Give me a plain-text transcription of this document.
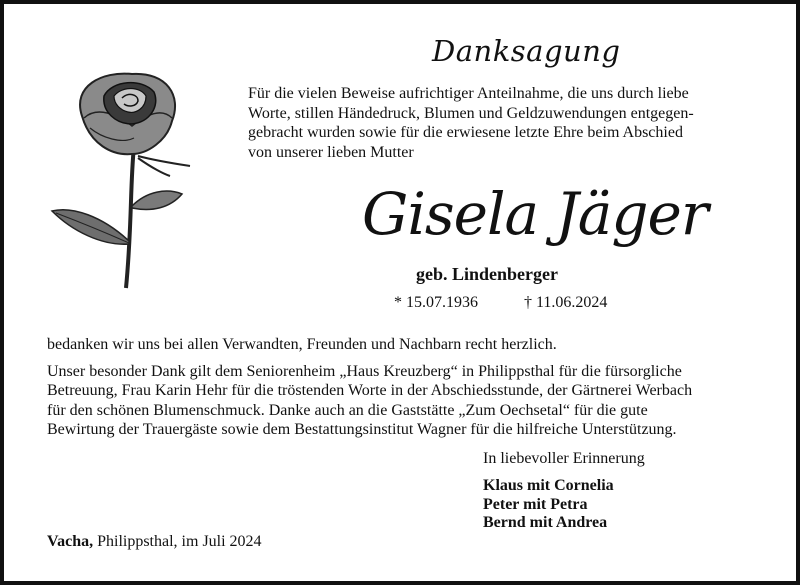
Danksagung
Für die vielen Beweise aufrichtiger Anteilnahme, die uns durch liebe
Worte, stillen Händedruck, Blumen und Geldzuwendungen entgegen-
gebracht wurden sowie für die erwiesene letzte Ehre beim Abschied
von unserer lieben Mutter
Gisela Jäger
geb. Lindenberger
* 15.07.1936	† 11.06.2024
bedanken wir uns bei allen Verwandten, Freunden und Nachbarn recht herzlich.
Unser besonder Dank gilt dem Seniorenheim „Haus Kreuzberg“ in Philippsthal für die fürsorgliche
Betreuung, Frau Karin Hehr für die tröstenden Worte in der Abschiedsstunde, der Gärtnerei Werbach
für den schönen Blumenschmuck. Danke auch an die Gaststätte „Zum Oechsetal“ für die gute
Bewirtung der Trauergäste sowie dem Bestattungsinstitut Wagner für die hilfreiche Unterstützung.
In liebevoller Erinnerung
Klaus mit Cornelia
Peter mit Petra
Bernd mit Andrea
Vacha, Philippsthal, im Juli 2024
